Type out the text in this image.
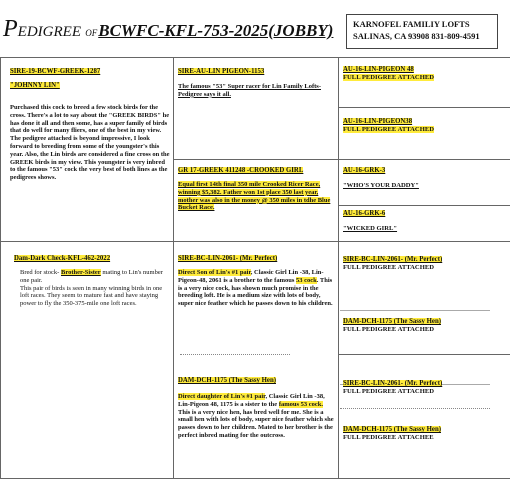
PEDIGREE OFBCWFC-KFL-753-2025(JOBBY) KARNOFEL FAMILIY LOFTS
SALINAS, CA 93908 831-809-4591
SIRE-19-BCWF-GREEK-1287
"JOHNNY LIN"
Purchased this cock to breed a few stock birds for the cross. There's a lot to say about the "GREEK BIRDS" he has done it all and then some, has a super family of birds that do well for many fliers, one of the best in my view. The pedigree attached is beyond impressive, I look forward to breeding from some of the youngster's this year. Also, the Lin birds are considered a fine cross on the GREEK birds in my view. This youngster is very inbred to the famous "53" cock the very best of both lines as the pedigrees shows.
SIRE-AU-LIN PIGEON-1153
The famous "53" Super racer for Lin Family Lofts-Pedigree says it all.
GR 17-GREEK 411248 -CROOKED GIRL
Equal first 14th final 350 mile Crooked Ricer Race, winning $5,382. Father won 1st place 350 last year, mother was also in the money @ 350 miles in tdhe Blue Bucket Race.
AU-16-LIN-PIGEON 48
FULL PEDIGREE ATTACHED
AU-16-LIN-PIGEON38
FULL PEDIGREE ATTACHED
AU-16-GRK-3
"WHO'S YOUR DADDY"
AU-16-GRK-6
"WICKED GIRL"
Dam-Dark Check-KFL-462-2022
Bred for stock- Brother-Sister mating to Lin's number one pair.
This pair of birds is seen in many winning birds in one loft races. They seem to mature fast and have staying power to fly the 350-375-mile one loft races.
SIRE-BC-LIN-2061- (Mr. Perfect)
Direct Son of Lin's #1 pair, Classic Girl Lin -38, Lin-Pigeon-48, 2061 is a brother to the famous 53 cock. This is a very nice cock, has shown much promise in the breeding loft. He is a medium size with lots of body, super nice feather which he passes down to his children.
DAM-DCH-1175 (The Sassy Hen)
Direct daughter of Lin's #1 pair, Classic Girl Lin -38, Lin-Pigeon 48, 1175 is a sister to the famous 53 cock. This is a very nice hen, has bred well for me. She is a small hen with lots of body, super nice feather which she passes down to her children. Mated to her brother is the perfect inbred mating for the outcross.
SIRE-BC-LIN-2061- (Mr. Perfect)
FULL PEDIGREE ATTACHED
DAM-DCH-1175 (The Sassy Hen)
FULL PEDIGREE ATTACHED
SIRE-BC-LIN-2061- (Mr. Perfect)
FULL PEDIGREE ATTACHED
DAM-DCH-1175 (The Sassy Hen)
FULL PEDIGREE ATTACHEE
